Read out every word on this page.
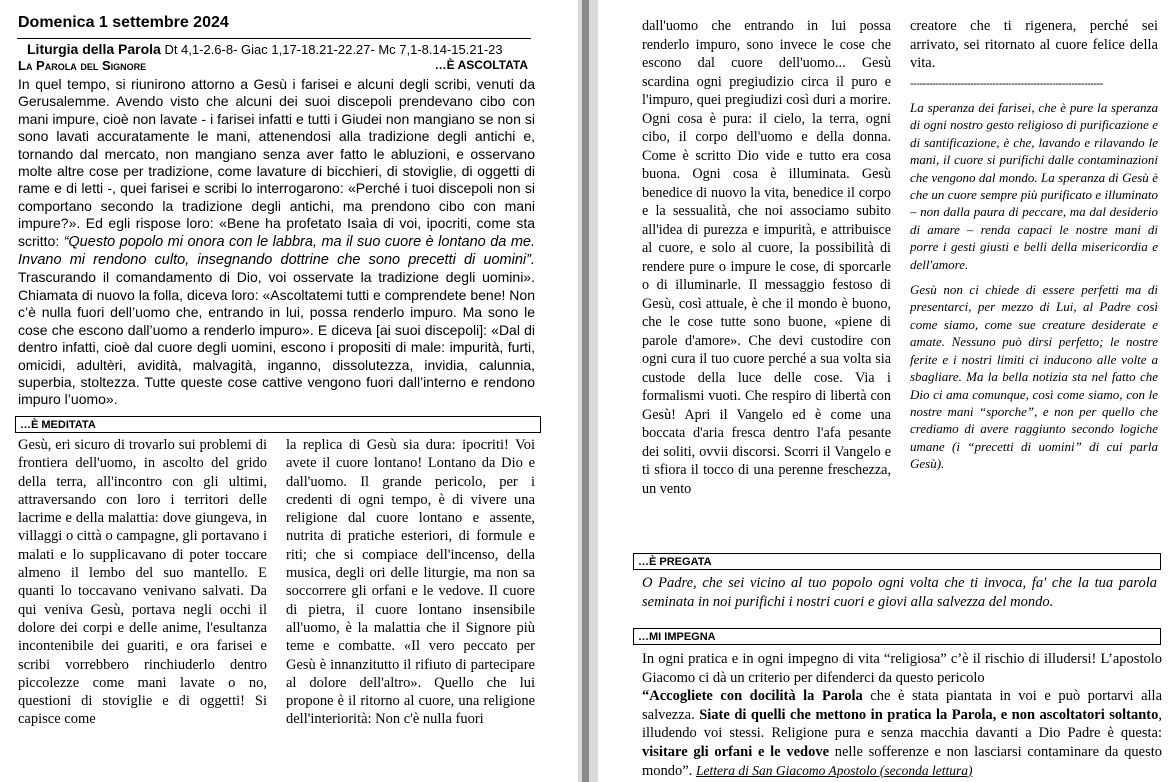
Domenica 1 settembre 2024
Liturgia della Parola Dt 4,1-2.6-8- Giac 1,17-18.21-22.27- Mc 7,1-8.14-15.21-23
La Parola del Signore	…È ASCOLTATA
In quel tempo, si riunirono attorno a Gesù i farisei e alcuni degli scribi, venuti da Gerusalemme. Avendo visto che alcuni dei suoi discepoli prendevano cibo con mani impure, cioè non lavate - i farisei infatti e tutti i Giudei non mangiano se non si sono lavati accuratamente le mani, attenendosi alla tradizione degli antichi e, tornando dal mercato, non mangiano senza aver fatto le abluzioni, e osservano molte altre cose per tradizione, come lavature di bicchieri, di stoviglie, di oggetti di rame e di letti -, quei farisei e scribi lo interrogarono: «Perché i tuoi discepoli non si comportano secondo la tradizione degli antichi, ma prendono cibo con mani impure?». Ed egli rispose loro: «Bene ha profetato Isaìa di voi, ipocriti, come sta scritto: “Questo popolo mi onora con le labbra, ma il suo cuore è lontano da me. Invano mi rendono culto, insegnando dottrine che sono precetti di uomini”. Trascurando il comandamento di Dio, voi osservate la tradizione degli uomini». Chiamata di nuovo la folla, diceva loro: «Ascoltatemi tutti e comprendete bene! Non c’è nulla fuori dell’uomo che, entrando in lui, possa renderlo impuro. Ma sono le cose che escono dall’uomo a renderlo impuro». E diceva [ai suoi discepoli]: «Dal di dentro infatti, cioè dal cuore degli uomini, escono i propositi di male: impurità, furti, omicidi, adultèri, avidità, malvagità, inganno, dissolutezza, invidia, calunnia, superbia, stoltezza. Tutte queste cose cattive vengono fuori dall’interno e rendono impuro l’uomo».
…È MEDITATA
Gesù, eri sicuro di trovarlo sui problemi di frontiera dell'uomo, in ascolto del grido della terra, all'incontro con gli ultimi, attraversando con loro i territori delle lacrime e della malattia: dove giungeva, in villaggi o città o campagne, gli portavano i malati e lo supplicavano di poter toccare almeno il lembo del suo mantello. E quanti lo toccavano venivano salvati. Da qui veniva Gesù, portava negli occhi il dolore dei corpi e delle anime, l'esultanza incontenibile dei guariti, e ora farisei e scribi vorrebbero rinchiuderlo dentro piccolezze come mani lavate o no, questioni di stoviglie e di oggetti! Si capisce come
la replica di Gesù sia dura: ipocriti! Voi avete il cuore lontano! Lontano da Dio e dall'uomo. Il grande pericolo, per i credenti di ogni tempo, è di vivere una religione dal cuore lontano e assente, nutrita di pratiche esteriori, di formule e riti; che si compiace dell'incenso, della musica, degli ori delle liturgie, ma non sa soccorrere gli orfani e le vedove. Il cuore di pietra, il cuore lontano insensibile all'uomo, è la malattia che il Signore più teme e combatte. «Il vero peccato per Gesù è innanzitutto il rifiuto di partecipare al dolore dell'altro». Quello che lui propone è il ritorno al cuore, una religione dell'interiorità: Non c'è nulla fuori
dall'uomo che entrando in lui possa renderlo impuro, sono invece le cose che escono dal cuore dell'uomo... Gesù scardina ogni pregiudizio circa il puro e l'impuro, quei pregiudizi così duri a morire. Ogni cosa è pura: il cielo, la terra, ogni cibo, il corpo dell'uomo e della donna. Come è scritto Dio vide e tutto era cosa buona. Ogni cosa è illuminata. Gesù benedice di nuovo la vita, benedice il corpo e la sessualità, che noi associamo subito all'idea di purezza e impurità, e attribuisce al cuore, e solo al cuore, la possibilità di rendere pure o impure le cose, di sporcarle o di illuminarle. Il messaggio festoso di Gesù, così attuale, è che il mondo è buono, che le cose tutte sono buone, «piene di parole d'amore». Che devi custodire con ogni cura il tuo cuore perché a sua volta sia custode della luce delle cose. Via i formalismi vuoti. Che respiro di libertà con Gesù! Apri il Vangelo ed è come una boccata d'aria fresca dentro l'afa pesante dei soliti, ovvii discorsi. Scorri il Vangelo e ti sfiora il tocco di una perenne freschezza, un vento

creatore che ti rigenera, perché sei arrivato, sei ritornato al cuore felice della vita.

-------------------------------------------------------------

La speranza dei farisei, che è pure la speranza di ogni nostro gesto religioso di purificazione e di santificazione, è che, lavando e rilavando le mani, il cuore si purifichi dalle contaminazioni che vengono dal mondo. La speranza di Gesù è che un cuore sempre più purificato e illuminato – non dalla paura di peccare, ma dal desiderio di amare – renda capaci le nostre mani di porre i gesti giusti e belli della misericordia e dell'amore.

Gesù non ci chiede di essere perfetti ma di presentarci, per mezzo di Lui, al Padre così come siamo, come sue creature desiderate e amate. Nessuno può dirsi perfetto; le nostre ferite e i nostri limiti ci inducono alle volte a sbagliare. Ma la bella notizia sta nel fatto che Dio ci ama comunque, così come siamo, con le nostre mani “sporche”, e non per quello che crediamo di avere raggiunto secondo logiche umane (i “precetti di uomini” di cui parla Gesù).

…È PREGATA
O Padre, che sei vicino al tuo popolo ogni volta che ti invoca, fa' che la tua parola seminata in noi purifichi i nostri cuori e giovi alla salvezza del mondo.
…MI IMPEGNA

In ogni pratica e in ogni impegno di vita “religiosa” c’è il rischio di illudersi! L’apostolo Giacomo ci dà un criterio per difenderci da questo pericolo

“Accogliete con docilità la Parola che è stata piantata in voi e può portarvi alla salvezza. Siate di quelli che mettono in pratica la Parola, e non ascoltatori soltanto, illudendo voi stessi. Religione pura e senza macchia davanti a Dio Padre è questa: visitare gli orfani e le vedove nelle sofferenze e non lasciarsi contaminare da questo mondo”. Lettera di San Giacomo Apostolo (seconda lettura)
